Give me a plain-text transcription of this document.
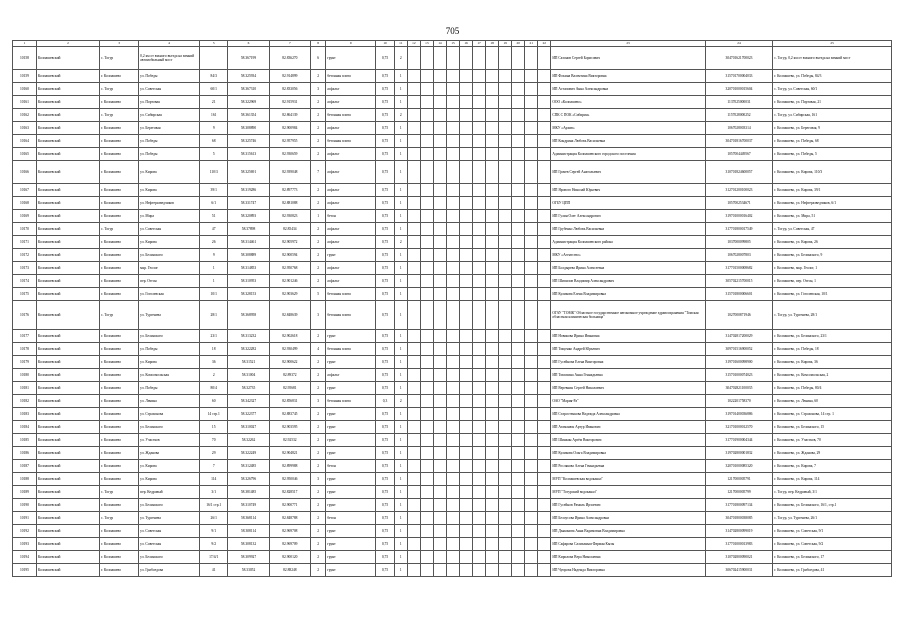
705
1	2	3	4	5	6	7	8	9	10	11	12	13	14	15	16	17	18	19	20	21	22	23	24	25
10158	Колпашевский	с. Тогур	0,2 км от южного въезда на зимний автомобильный мост		58.367199	82.836270	6	грунт	0,75	2												ИП Сазонов Сергей Борисович	304701621700023	с. Тогур, 0,2 км от южного въезда на зимний мост
10159	Колпашевский	г. Колпашево	ул. Победы	84/3	58.325934	82.914899	2	бетонная плита	0,75	1												ИП Фокина Валентина Викторовна	315701700004033	г. Колпашево, ул. Победы, 84/3
10160	Колпашевский	с. Тогур	ул. Советская	60/1	58.367310	82.833056	3	асфальт	0,75	1												ИП Астапович Анна Александровна	320701000015604	с. Тогур, ул. Советская, 60/1
10161	Колпашевский	г. Колпашево	ул. Портовая	21	58.322969	82.915931	2	асфальт	0,75	1												ООО «Колпашево»	1137025000031	г. Колпашево, ул. Портовая, 21
10162	Колпашевский	с. Тогур	ул. Сибирская	161	58.361354	82.864139	2	бетонная плита	0,75	2												СПК С ПОК «Сибирия»	1157028000252	с. Тогур, ул. Сибирская, 161
10163	Колпашевский	г. Колпашево	ул. Береговая	9	58.308890	82.900984	2	асфальт	0,75	1												МКУ «Архив»	1067028003314	г. Колпашево, ул. Береговая, 9
10164	Колпашевский	г. Колпашево	ул. Победы	68	58.325746	82.957955	2	бетонная плита	0,75	1												ИП Кондрина Любовь Васильевна	304701816700037	г. Колпашево, ул. Победы, 68
10165	Колпашевский	г. Колпашево	ул. Победы	5	58.315613	82.930659	2	асфальт	0,75	1												Администрация Колпашевского городского поселения	1057004449567	г. Колпашево, ул. Победы, 5
10166	Колпашевский	г. Колпашево	ул. Кирова	110/3	58.325691	82.939048	7	асфальт	0,75	1												ИП Грачев Сергей Анатольевич	310701824600057	г. Колпашево, ул. Кирова, 110/3
10167	Колпашевский	г. Колпашево	ул. Кирова	39/1	58.319286	82.897773	2	асфальт	0,75	1												ИП Ярового Николай Юрьевич	312701200100023	г. Колпашево, ул. Кирова, 39/1
10168	Колпашевский	г. Колпашево	ул. Нефтеразведчиков	6/1	58.331747	82.881088	2	асфальт	0,75	1												ОГБУ ЦПП	1057002534671	г. Колпашево, ул. Нефтеразведчиков, 6/1
10169	Колпашевский	г. Колпашево	ул. Мира	51	58.320893	82.930823	1	бетон	0,75	1												ИП Гулин Олег Александрович	319701000016402	г. Колпашево, ул. Мира, 51
10170	Колпашевский	с. Тогур	ул. Советская	47	58.37898	82.85434	2	асфальт	0,75	1												ИП Грубенко Любовь Васильевна	317701800017549	с. Тогур, ул. Советская, 47
10171	Колпашевский	г. Колпашево	ул. Кирова	26	58.314461	82.905972	2	асфальт	0,75	2												Администрация Колпашевского района	1037000099805	г. Колпашево, ул. Кирова, 26
10172	Колпашевский	г. Колпашево	ул. Белинского	9	58.308889	82.900594	2	грунт	0,75	1												МКУ «Агентство»	1067028007803	г. Колпашево, ул. Белинского, 9
10173	Колпашевский	г. Колпашево	мкр. Геолог	1	58.314853	82.950768	2	асфальт	0,75	1												ИП Болдырева Ирина Алексеевна	317701500008682	г. Колпашево, мкр. Геолог, 1
10174	Колпашевский	г. Колпашево	пер. Отгон	1	58.310953	82.901246	2	асфальт	0,75	1												ИП Шипилов Владимир Александрович	305702215700015	г. Колпашево, пер. Отгон, 1
10175	Колпашевский	г. Колпашево	ул. Гоголевская	10/1	58.328153	82.903629	5	бетонная плита	0,75	1												ИП Куликова Елена Владимировна	315701800006601	г. Колпашево, ул. Гоголевская, 10/1
10176	Колпашевский	с. Тогур	ул. Тургенева	28/1	58.368958	82.848639	3	бетонная плита	0,75	1												ОГАУ "ТОМК" Областное государственное автономное учреждение здравоохранения "Томская областная клиническая больница"	1027000871946	с. Тогур, ул. Тургенева, 28/1
10177	Колпашевский	г. Колпашево	ул. Белинского	23/1	58.313232	82.902618	2	грунт	0,75	1												ИП Новикова Ирина Ивановна	314702817200029	г. Колпашево, ул. Белинского, 23/1
10178	Колпашевский	г. Колпашево	ул. Победы	18	58.322282	82.930499	4	бетонная плита	0,75	1												ИП Тищенко Андрей Юрьевич	309701516900052	г. Колпашево, ул. Победы, 18
10179	Колпашевский	г. Колпашево	ул. Кирова	36	58.31521	82.900622	2	грунт	0,75	1												ИП Гусейнова Елена Викторовна	319701600098900	г. Колпашево, ул. Кирова, 36
10180	Колпашевский	г. Колпашево	ул. Комсомольская	2	58.31004	82.89372	2	асфальт	0,75	1												ИП Тимохина Анна Геннадьевна	315701000074023	г. Колпашево, ул. Комсомольская, 2
10181	Колпашевский	г. Колпашево	ул. Победы	80/4	58.32735	82.95681	2	грунт	0,75	1												ИП Веревкин Сергей Николаевич	304702821100035	г. Колпашево, ул. Победы, 80/4
10182	Колпашевский	г. Колпашево	ул. Ленина	60	58.342327	82.856831	3	бетонная плита	0,3	2												ОАО "Мария-Ра"	1022201758370	г. Колпашево, ул. Ленина, 60
10183	Колпашевский	г. Колпашево	ул. Страхонова	14 стр.1	58.322377	82.883745	2	грунт	0,75	1												ИП Старостенкова Надежда Александровна	319701400036886	г. Колпашево, ул. Страхонова, 14 стр. 1
10184	Колпашевский	г. Колпашево	ул. Белинского	15	58.310027	82.903595	2	грунт	0,75	1												ИП Атаманюк Артур Иванович	321701000012570	г. Колпашево, ул. Белинского, 15
10185	Колпашевский	г. Колпашево	ул. Участков	70	58.32262	82.92532	2	грунт	0,75	1												ИП Шинкин Артём Викторович	317701900004344	г. Колпашево, ул. Участков, 70
10186	Колпашевский	г. Колпашево	ул. Жданова	29	58.322249	82.904821	2	грунт	0,75	1												ИП Куликова Ольга Владимировна	319702800001832	г. Колпашево, ул. Жданова, 29
10187	Колпашевский	г. Колпашево	ул. Кирова	7	58.312485	82.899988	2	бетон	0,75	1												ИП Рослякова Алена Геннадьевна	320701000085320	г. Колпашево, ул. Кирова, 7
10188	Колпашевский	г. Колпашево	ул. Кирова	114	58.326796	82.950046	3	грунт	0,75	1												МУП "Колпашевская водоканал"	1217000005791	г. Колпашево, ул. Кирова, 114
10189	Колпашевский	с. Тогур	пер. Кедровый	3/1	58.381485	82.828517	2	грунт	0,75	1												МУП "Тогурский водоканал"	1217000005799	с. Тогур, пер. Кедровый, 3/1
10190	Колпашевский	г. Колпашево	ул. Белинского	16/1 стр.1	58.310749	82.900771	2	грунт	0,75	1												ИП Гусейнов Рамиль Ирзоевич	317701800097134	г. Колпашево, ул. Белинского, 16/1, стр.1
10191	Колпашевский	с. Тогур	ул. Тургенева	26/1	58.368114	82.848788	2	бетон	0,75	1												ИП Белоусова Ирина Александровна	304701800038085	с. Тогур, ул. Тургенева, 26/1
10192	Колпашевский	г. Колпашево	ул. Советская	9/1	58.308114	82.969708	2	грунт	0,75	1												ИП Дьяконова Анна Вадимовна Владимировна	314702800099019	г. Колпашево, ул. Советская, 9/1
10193	Колпашевский	г. Колпашево	ул. Советская	9/2	58.308132	82.969709	2	грунт	0,75	1												ИП Сафарова Салиханым Фарман Кызы	317701000013983	г. Колпашево, ул. Советская, 9/2
10194	Колпашевский	г. Колпашево	ул. Белинского	17/4/1	58.309927	82.900120	2	грунт	0,75	1												ИП Кирилова Вера Николаевна	310702800090021	г. Колпашево, ул. Белинского, 17
10195	Колпашевский	г. Колпашево	ул. Грибоедова	41	58.33052	82.88248	2	грунт	0,75	1												ИП Чупрова Надежда Викторовна	306702415900031	г. Колпашево, ул. Грибоедова, 41
